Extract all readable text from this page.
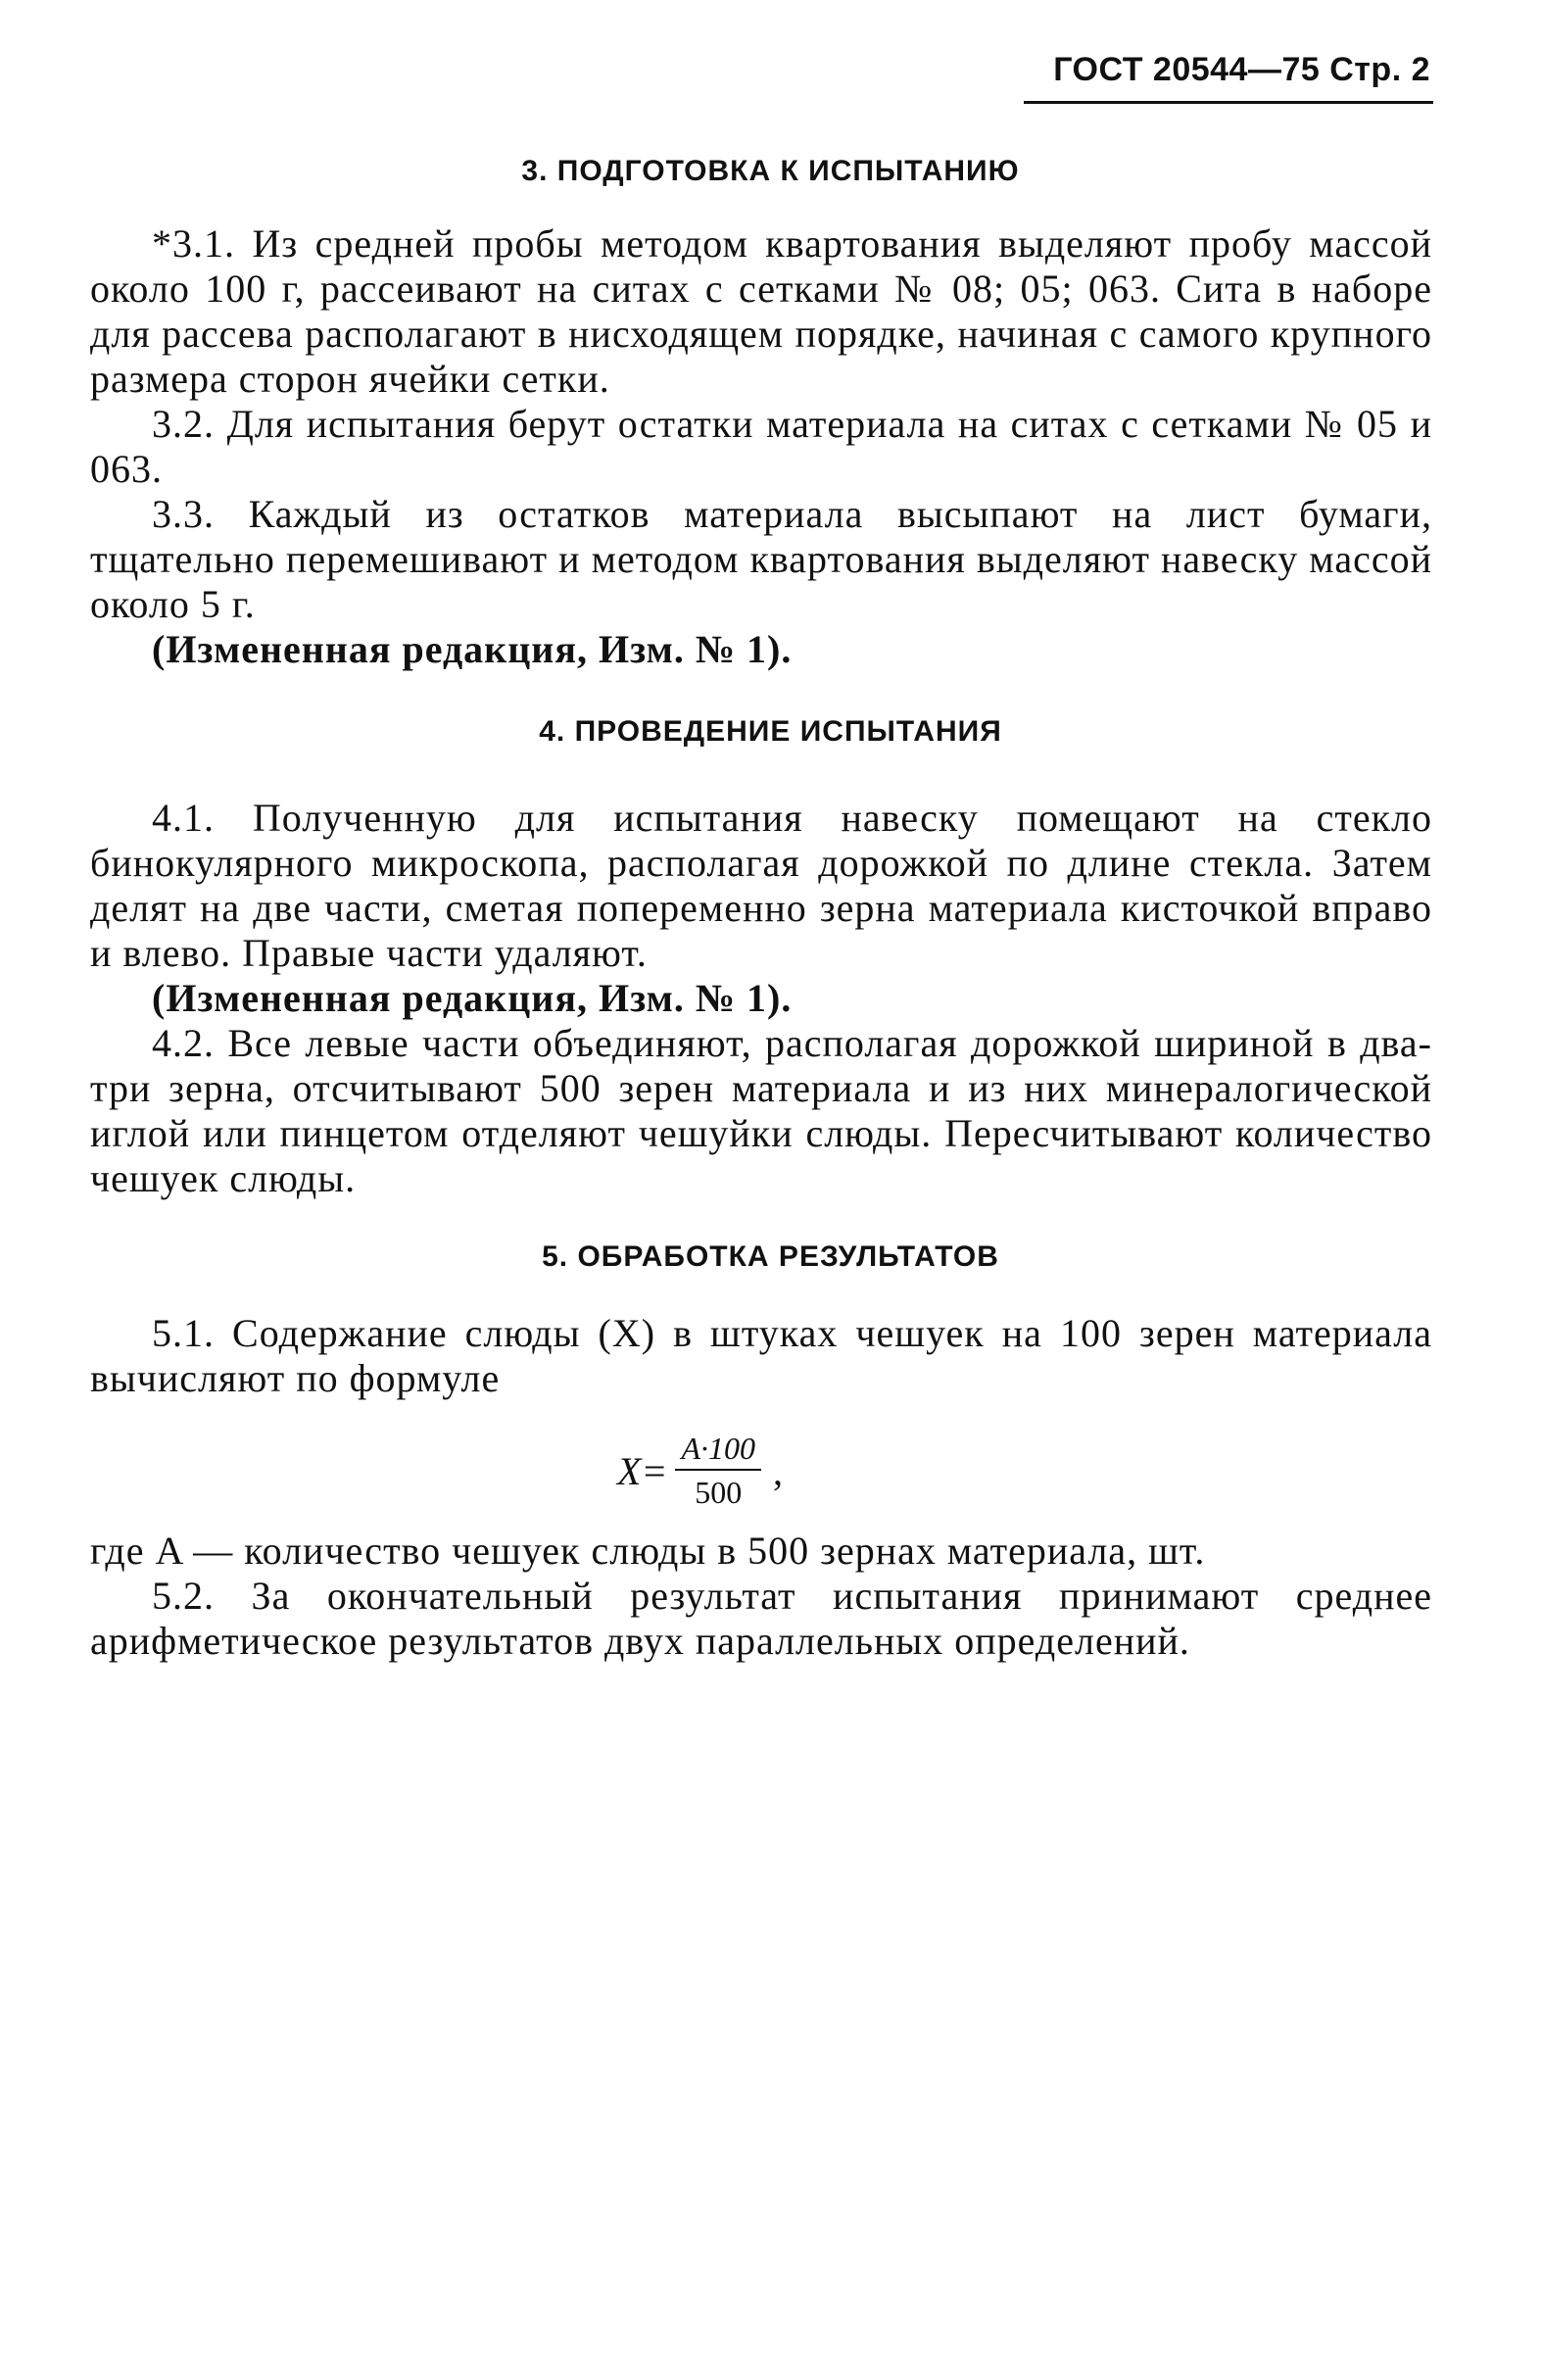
ГОСТ 20544—75 Стр. 2
3. ПОДГОТОВКА К ИСПЫТАНИЮ

*3.1. Из средней пробы методом квартования выделяют пробу массой около 100 г, рассеивают на ситах с сетками № 08; 05; 063. Сита в наборе для рассева располагают в нисходящем порядке, начиная с самого крупного размера сторон ячейки сетки.

3.2. Для испытания берут остатки материала на ситах с сетками № 05 и 063.

3.3. Каждый из остатков материала высыпают на лист бумаги, тщательно перемешивают и методом квартования выделяют навеску массой около 5 г.

(Измененная редакция, Изм. № 1).

4. ПРОВЕДЕНИЕ ИСПЫТАНИЯ

4.1. Полученную для испытания навеску помещают на стекло бинокулярного микроскопа, располагая дорожкой по длине стекла. Затем делят на две части, сметая попеременно зерна материала кисточкой вправо и влево. Правые части удаляют.

(Измененная редакция, Изм. № 1).

4.2. Все левые части объединяют, располагая дорожкой шириной в два-три зерна, отсчитывают 500 зерен материала и из них минералогической иглой или пинцетом отделяют чешуйки слюды. Пересчитывают количество чешуек слюды.

5. ОБРАБОТКА РЕЗУЛЬТАТОВ

5.1. Содержание слюды (X) в штуках чешуек на 100 зерен материала вычисляют по формуле

$X= \frac{A\cdot 100}{500}$ ,

где A — количество чешуек слюды в 500 зернах материала, шт.

5.2. За окончательный результат испытания принимают среднее арифметическое результатов двух параллельных определений.
